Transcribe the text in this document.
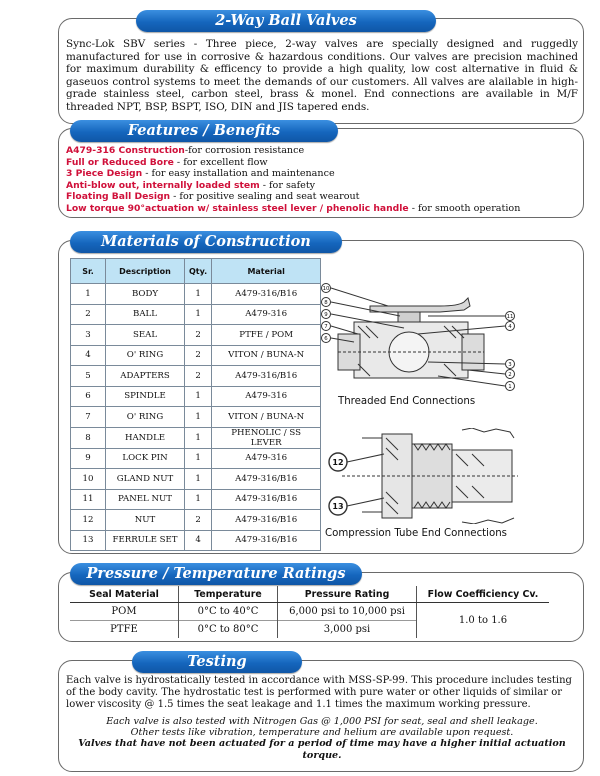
2-Way Ball Valves

Sync-Lok SBV series - Three piece, 2-way valves are specially designed and ruggedly manufactured for use in corrosive & hazardous conditions. Our valves are precision machined for maximum durability & efficency to provide a high quality, low cost alternative in fluid & gaseuos control systems to meet the demands of our customers. All valves are alailable in high-grade stainless steel, carbon steel, brass & monel. End connections are available in M/F threaded NPT, BSP, BSPT, ISO, DIN and JIS tapered ends.

Features / Benefits
A479-316 Construction-for corrosion resistance
Full or Reduced Bore - for excellent flow
3 Piece Design - for easy installation and maintenance
Anti-blow out, internally loaded stem - for safety
Floating Ball Design - for positive sealing and seat wearout
Low torque 90°actuation w/ stainless steel lever / phenolic handle - for smooth operation
Materials of Construction
Sr.	Description	Qty.	Material
1	BODY	1	A479-316/B16
2	BALL	1	A479-316
3	SEAL	2	PTFE / POM
4	O' RING	2	VITON / BUNA-N
5	ADAPTERS	2	A479-316/B16
6	SPINDLE	1	A479-316
7	O' RING	1	VITON / BUNA-N
8	HANDLE	1	PHENOLIC / SS LEVER
9	LOCK PIN	1	A479-316
10	GLAND NUT	1	A479-316/B16
11	PANEL NUT	1	A479-316/B16
12	NUT	2	A479-316/B16
13	FERRULE SET	4	A479-316/B16
10
8
9
7
6
11
4
3
2
1
Threaded End Connections
12
13
Compression Tube End Connections
Pressure / Temperature Ratings
Seal Material	Temperature	Pressure Rating	Flow Coefficiency Cv.
POM	0°C to 40°C	6,000 psi to 10,000 psi	1.0 to 1.6
PTFE	0°C to 80°C	3,000 psi	
Testing

Each valve is hydrostatically tested in accordance with MSS-SP-99. This procedure includes testing of the body cavity. The hydrostatic test is performed with pure water or other liquids of similar or lower viscosity @ 1.5 times the seat leakage and 1.1 times the maximum working pressure.

Each valve is also tested with Nitrogen Gas @ 1,000 PSI for seat, seal and shell leakage.
Other tests like vibration, temperature and helium are available upon request.
Valves that have not been actuated for a period of time may have a higher initial actuation torque.
